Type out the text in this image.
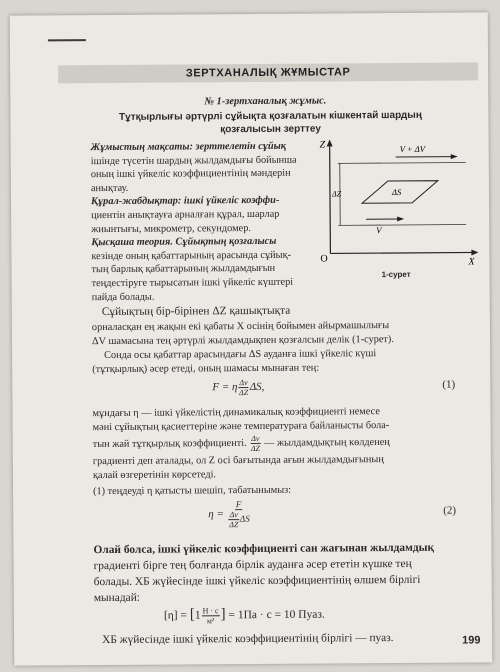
ЗЕРТХАНАЛЫҚ ЖҰМЫСТАР
№ 1-зертханалық жұмыс.
Тұтқырлығы әртүрлі сұйықта қозғалатын кішкентай шардың
қозғалысын зерттеу
Жұмыстың мақсаты: зерттелетін сұйық
ішінде түсетін шардың жылдамдығы бойынша
оның ішкі үйкеліс коэффициентінің мәндерін
анықтау.
Құрал-жабдықтар: ішкі үйкеліс коэффи-
циентін анықтауға арналған құрал, шарлар
жиынтығы, микрометр, секундомер.
Қысқаша теория. Сұйықтың қозғалысы
кезінде оның қабаттарының арасында сұйық-
тың барлық қабаттарының жылдамдығын
теңдестіруге тырысатын ішкі үйкеліс күштері
пайда болады.
Z
X
O
ΔZ
V + ΔV
ΔS
V
1-сурет
Сұйықтың бір-бірінен ΔZ қашықтықта
орналасқан ең жақын екі қабаты X осінің бойымен айырмашылығы
ΔV шамасына тең әртүрлі жылдамдықпен қозғалсын делік (1-сурет).
Сонда осы қабаттар арасындағы ΔS ауданға ішкі үйкеліс күші
(тұтқырлық) әсер етеді, оның шамасы мынаған тең:
F = η $\frac{\Delta v}{\Delta Z} \Delta S$,	(1)
мұндағы η — ішкі үйкелістің динамикалық коэффициенті немесе
мәні сұйықтың қасиеттеріне және температураға байланысты бола-
тын жай тұтқырлық коэффициенті. $\frac{\Delta v}{\Delta Z}$ — жылдамдықтың көлденең
градиенті деп аталады, ол Z осі бағытында ағын жылдамдығының
қалай өзгеретінін көрсетеді.
(1) теңдеуді η қатысты шешіп, табатынымыз:
$\eta = \frac{F}{\frac{\Delta v}{\Delta Z} \Delta S}$	(2)
Олай болса, ішкі үйкеліс коэффициенті сан жағынан жылдамдық
градиенті бірге тең болғанда бірлік ауданға әсер ететін күшке тең
болады. ХБ жүйесінде ішкі үйкеліс коэффициентінің өлшем бірлігі
мынадай:
$[\eta] = [1 \frac{Н \cdot с}{\text{м²}}$ ] = 1Па · с = 10 Пуаз.
ХБ жүйесінде ішкі үйкеліс коэффициентінің бірлігі — пуаз.	199
